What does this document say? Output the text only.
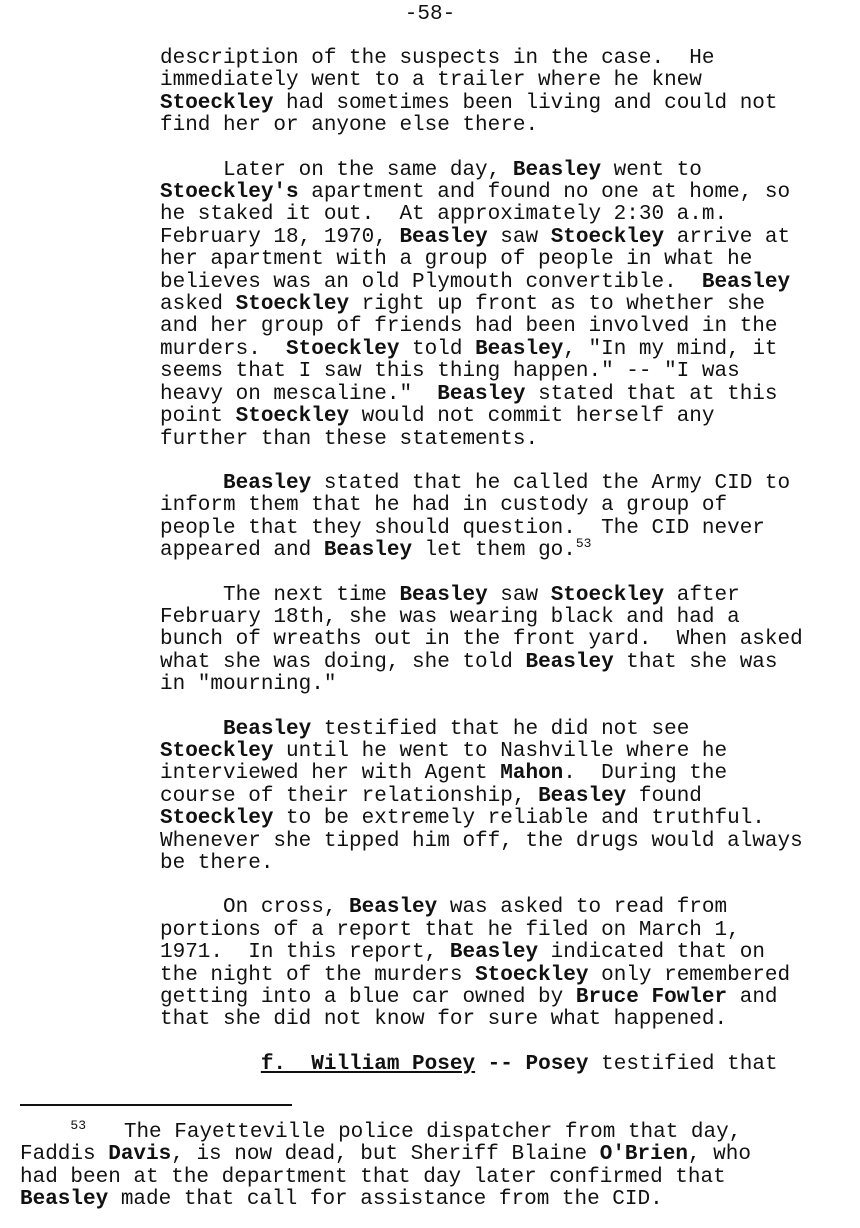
-58-
description of the suspects in the case.  He
immediately went to a trailer where he knew
Stoeckley had sometimes been living and could not
find her or anyone else there.
Later on the same day, Beasley went to
Stoeckley's apartment and found no one at home, so
he staked it out.  At approximately 2:30 a.m.
February 18, 1970, Beasley saw Stoeckley arrive at
her apartment with a group of people in what he
believes was an old Plymouth convertible.  Beasley
asked Stoeckley right up front as to whether she
and her group of friends had been involved in the
murders.  Stoeckley told Beasley, "In my mind, it
seems that I saw this thing happen." -- "I was
heavy on mescaline."  Beasley stated that at this
point Stoeckley would not commit herself any
further than these statements.
Beasley stated that he called the Army CID to
inform them that he had in custody a group of
people that they should question.  The CID never
appeared and Beasley let them go.$^{53}$
The next time Beasley saw Stoeckley after
February 18th, she was wearing black and had a
bunch of wreaths out in the front yard.  When asked
what she was doing, she told Beasley that she was
in "mourning."
Beasley testified that he did not see
Stoeckley until he went to Nashville where he
interviewed her with Agent Mahon.  During the
course of their relationship, Beasley found
Stoeckley to be extremely reliable and truthful.
Whenever she tipped him off, the drugs would always
be there.
On cross, Beasley was asked to read from
portions of a report that he filed on March 1,
1971.  In this report, Beasley indicated that on
the night of the murders Stoeckley only remembered
getting into a blue car owned by Bruce Fowler and
that she did not know for sure what happened.
f.  William Posey -- Posey testified that
$^{53}$   The Fayetteville police dispatcher from that day,
Faddis Davis, is now dead, but Sheriff Blaine O'Brien, who
had been at the department that day later confirmed that
Beasley made that call for assistance from the CID.
